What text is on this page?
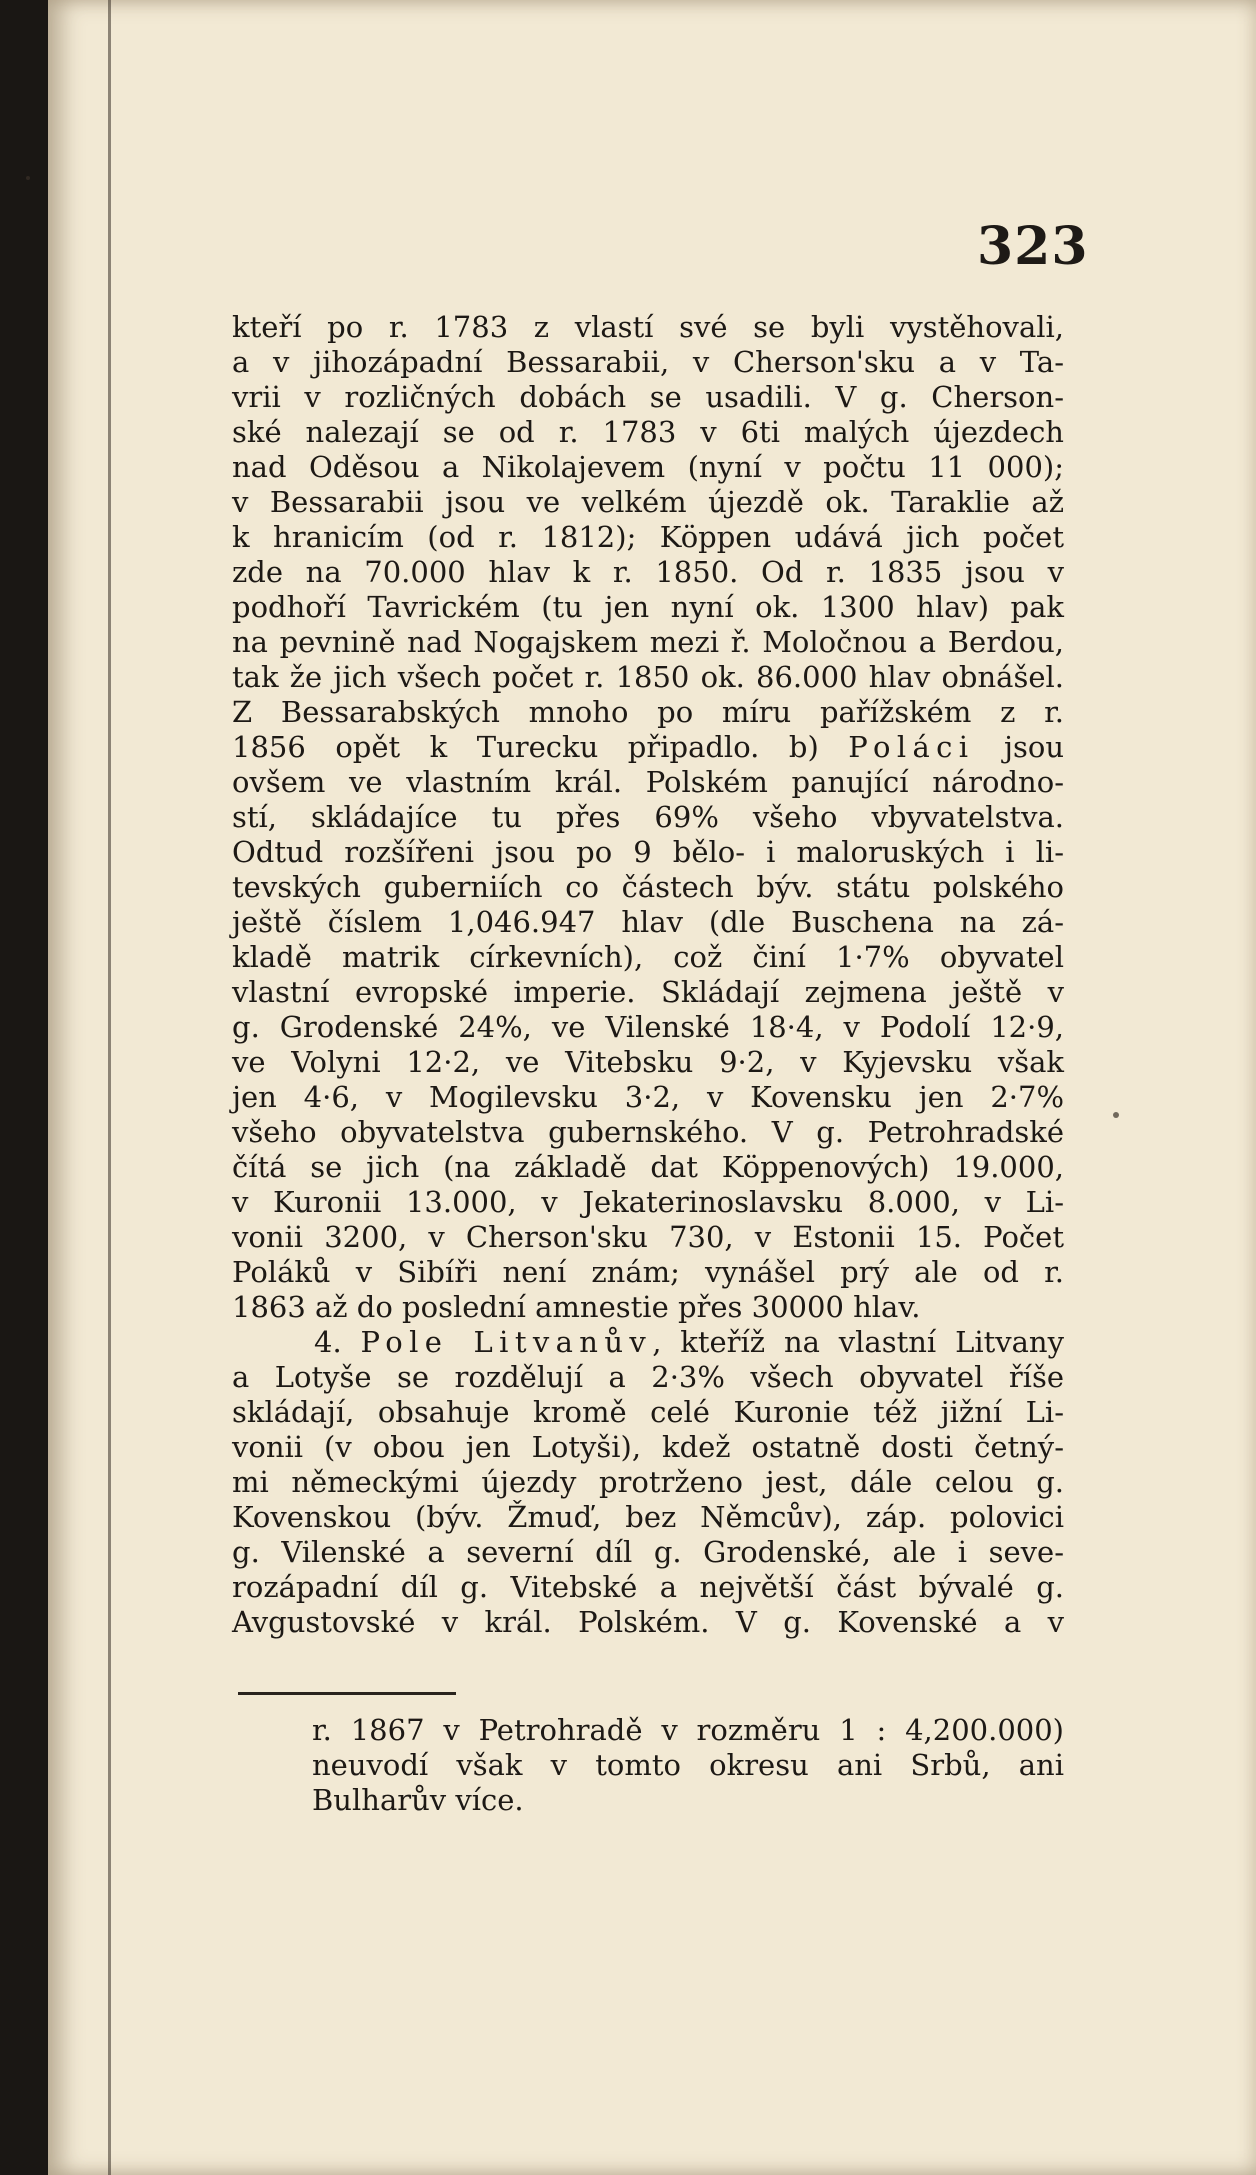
323
kteří po r. 1783 z vlastí své se byli vystěhovali,
a v jihozápadní Bessarabii, v Cherson'sku a v Ta-
vrii v rozličných dobách se usadili. V g. Cherson-
ské nalezají se od r. 1783 v 6ti malých újezdech
nad Oděsou a Nikolajevem (nyní v počtu 11 000);
v Bessarabii jsou ve velkém újezdě ok. Taraklie až
k hranicím (od r. 1812); Köppen udává jich počet
zde na 70.000 hlav k r. 1850. Od r. 1835 jsou v
podhoří Tavrickém (tu jen nyní ok. 1300 hlav) pak
na pevnině nad Nogajskem mezi ř. Moločnou a Berdou,
tak že jich všech počet r. 1850 ok. 86.000 hlav obnášel.
Z Bessarabských mnoho po míru pařížském z r.
1856 opět k Turecku připadlo. b) Poláci jsou
ovšem ve vlastním král. Polském panující národno-
stí, skládajíce tu přes 69% všeho vbyvatelstva.
Odtud rozšířeni jsou po 9 bělo- i maloruských i li-
tevských guberniích co částech býv. státu polského
ještě číslem 1,046.947 hlav (dle Buschena na zá-
kladě matrik církevních), což činí 1·7% obyvatel
vlastní evropské imperie. Skládají zejmena ještě v
g. Grodenské 24%, ve Vilenské 18·4, v Podolí 12·9,
ve Volyni 12·2, ve Vitebsku 9·2, v Kyjevsku však
jen 4·6, v Mogilevsku 3·2, v Kovensku jen 2·7%
všeho obyvatelstva gubernského. V g. Petrohradské
čítá se jich (na základě dat Köppenových) 19.000,
v Kuronii 13.000, v Jekaterinoslavsku 8.000, v Li-
vonii 3200, v Cherson'sku 730, v Estonii 15. Počet
Poláků v Sibíři není znám; vynášel prý ale od r.
1863 až do poslední amnestie přes 30000 hlav.
4. Pole Litvanův, kteříž na vlastní Litvany
a Lotyše se rozdělují a 2·3% všech obyvatel říše
skládají, obsahuje kromě celé Kuronie též jižní Li-
vonii (v obou jen Lotyši), kdež ostatně dosti četný-
mi německými újezdy protrženo jest, dále celou g.
Kovenskou (býv. Žmuď, bez Němcův), záp. polovici
g. Vilenské a severní díl g. Grodenské, ale i seve-
rozápadní díl g. Vitebské a největší část bývalé g.
Avgustovské v král. Polském. V g. Kovenské a v
r. 1867 v Petrohradě v rozměru 1 : 4,200.000)
neuvodí však v tomto okresu ani Srbů, ani
Bulharův více.
